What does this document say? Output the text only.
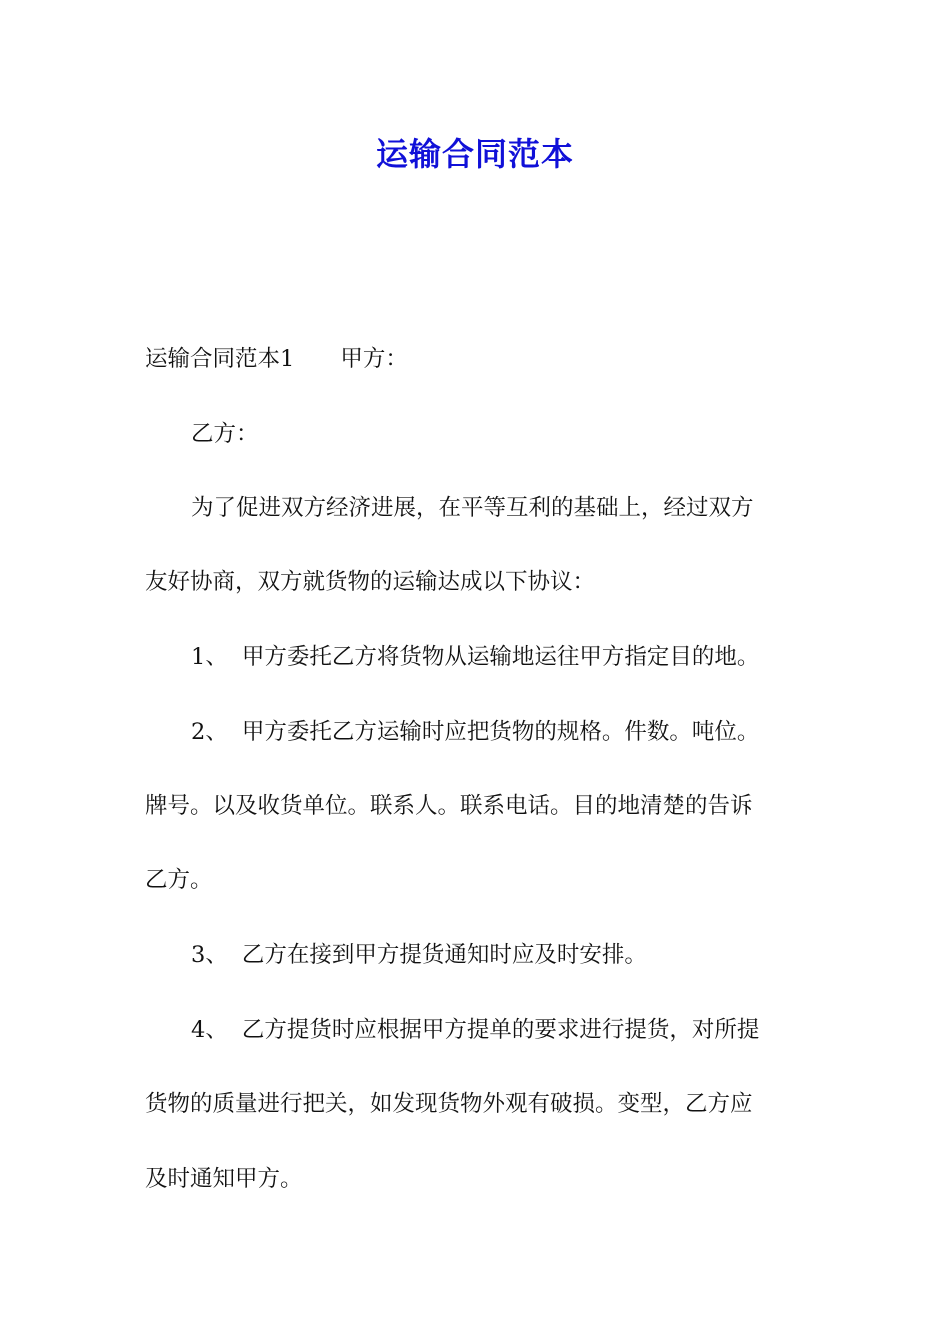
运输合同范本
运输合同范本1 甲方：
乙方：
为了促进双方经济进展，在平等互利的基础上，经过双方
友好协商，双方就货物的运输达成以下协议：
1、 甲方委托乙方将货物从运输地运往甲方指定目的地。
2、 甲方委托乙方运输时应把货物的规格。件数。吨位。
牌号。以及收货单位。联系人。联系电话。目的地清楚的告诉
乙方。
3、 乙方在接到甲方提货通知时应及时安排。
4、 乙方提货时应根据甲方提单的要求进行提货，对所提
货物的质量进行把关，如发现货物外观有破损。变型，乙方应
及时通知甲方。
